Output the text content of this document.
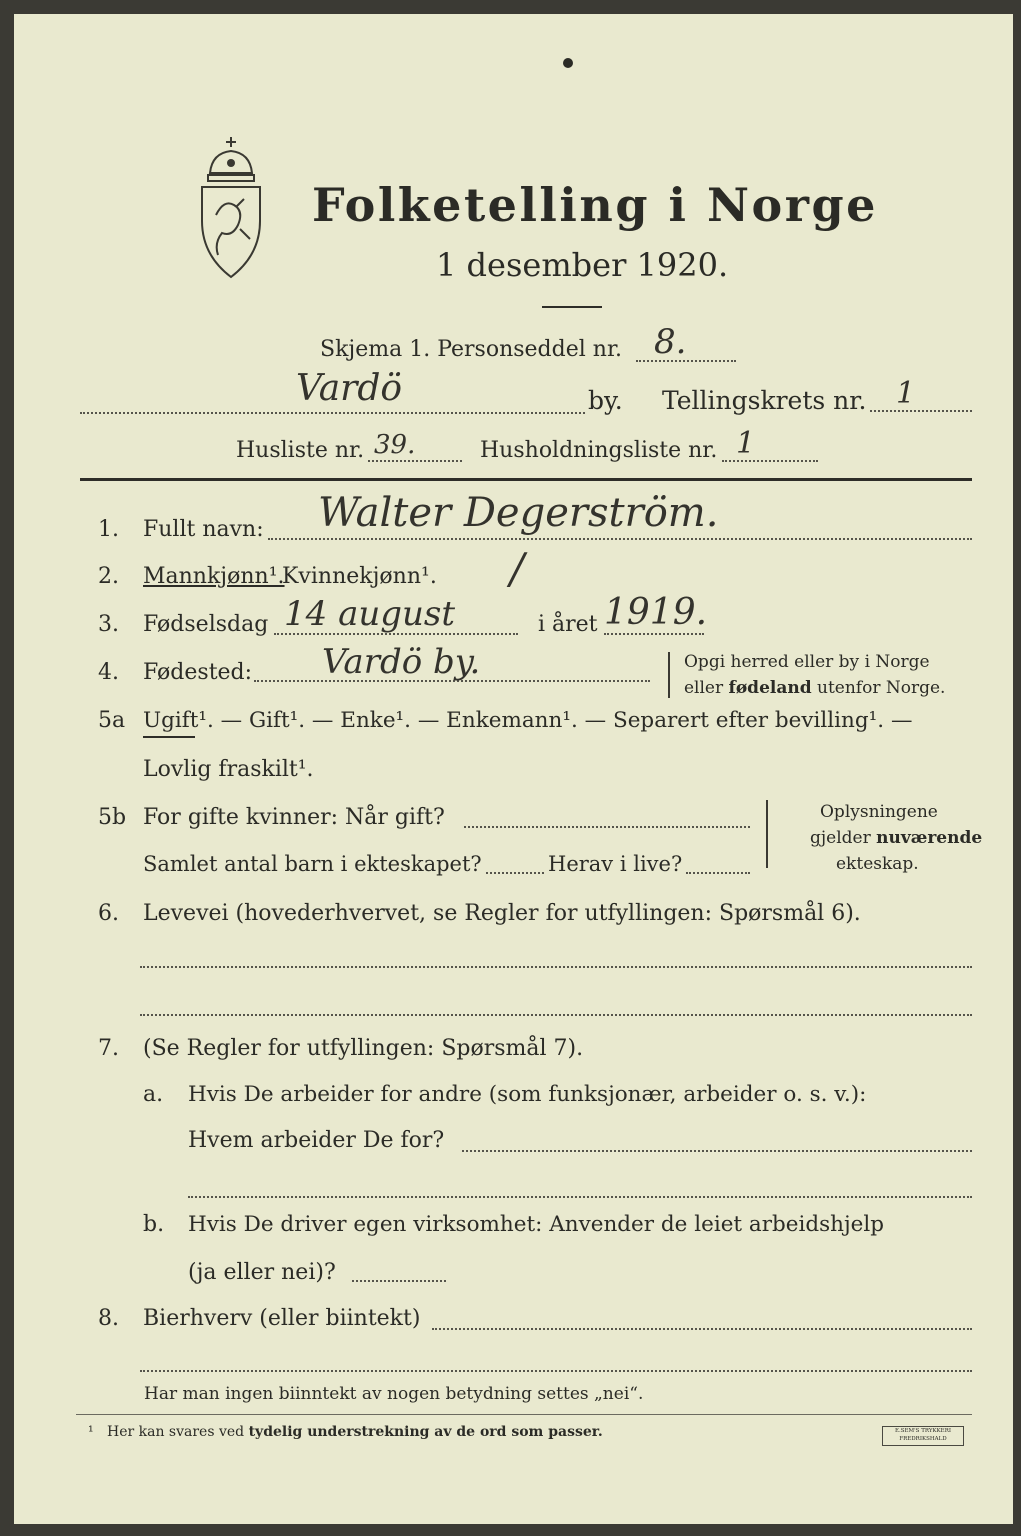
Folketelling i Norge
1 desember 1920.
Skjema 1. Personseddel nr. 8.
Vardö	by. Tellingskrets nr. 1
Husliste nr. 39.	Husholdningsliste nr. 1
1. Fullt navn: Walter Degerström.
2. Mannkjønn¹.
Kvinnekjønn¹. /
3. Fødselsdag 14 august	i året 1919.
4. Fødested: Vardö by.	Opgi herred eller by i Norge
eller fødeland utenfor Norge.
5a Ugift¹. — Gift¹. — Enke¹. — Enkemann¹. — Separert efter bevilling¹. —
Lovlig fraskilt¹.
5b For gifte kvinner: Når gift?
Samlet antal barn i ekteskapet?	Herav i live?
Oplysningene
gjelder nuværende
ekteskap.
6. Levevei (hovederhvervet, se Regler for utfyllingen: Spørsmål 6).
7. (Se Regler for utfyllingen: Spørsmål 7).
a. Hvis De arbeider for andre (som funksjonær, arbeider o. s. v.):
Hvem arbeider De for?
b. Hvis De driver egen virksomhet: Anvender de leiet arbeidshjelp
(ja eller nei)?
8. Bierhverv (eller biintekt)
Har man ingen biinntekt av nogen betydning settes „nei“.
¹ Her kan svares ved tydelig understrekning av de ord som passer.	E.SEM'S TRYKKERI FREDRIKSHALD
